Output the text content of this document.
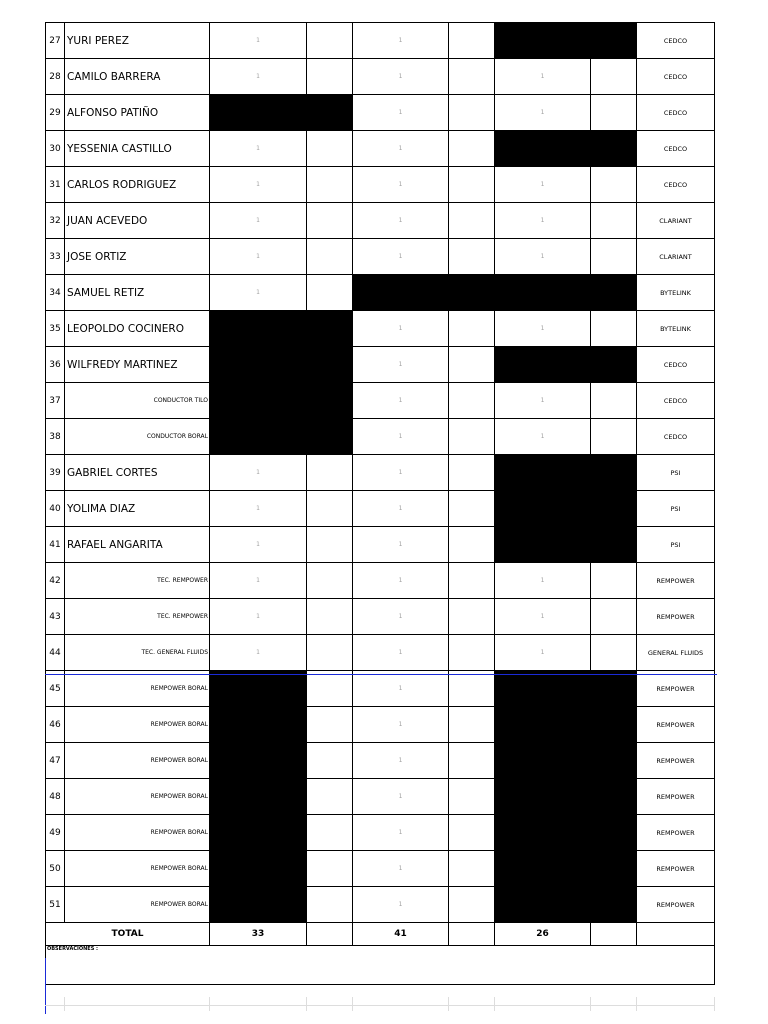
27	YURI PEREZ	1		1				CEDCO
28	CAMILO BARRERA	1		1		1		CEDCO
29	ALFONSO PATIÑO			1		1		CEDCO
30	YESSENIA CASTILLO	1		1				CEDCO
31	CARLOS RODRIGUEZ	1		1		1		CEDCO
32	JUAN ACEVEDO	1		1		1		CLARIANT
33	JOSE ORTIZ	1		1		1		CLARIANT
34	SAMUEL RETIZ	1						BYTELINK
35	LEOPOLDO COCINERO			1		1		BYTELINK
36	WILFREDY MARTINEZ			1				CEDCO
37	CONDUCTOR TILO			1		1		CEDCO
38	CONDUCTOR BORAL			1		1		CEDCO
39	GABRIEL CORTES	1		1				PSI
40	YOLIMA DIAZ	1		1				PSI
41	RAFAEL ANGARITA	1		1				PSI
42	TEC. REMPOWER	1		1		1		REMPOWER
43	TEC. REMPOWER	1		1		1		REMPOWER
44	TEC. GENERAL FLUIDS	1		1		1		GENERAL FLUIDS
45	REMPOWER BORAL			1				REMPOWER
46	REMPOWER BORAL			1				REMPOWER
47	REMPOWER BORAL			1				REMPOWER
48	REMPOWER BORAL			1				REMPOWER
49	REMPOWER BORAL			1				REMPOWER
50	REMPOWER BORAL			1				REMPOWER
51	REMPOWER BORAL			1				REMPOWER
TOTAL		33		41		26		
OBSERVACIONES :								
